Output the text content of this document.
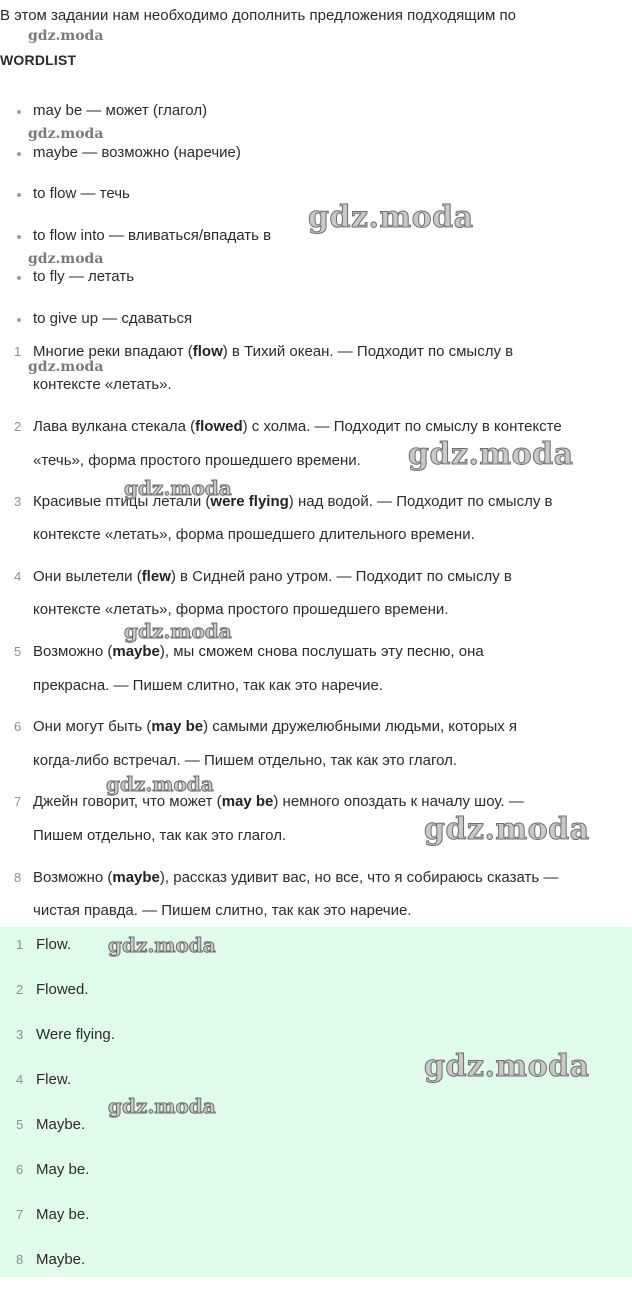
В этом задании нам необходимо дополнить предложения подходящим по
WORDLIST
may be — может (глагол)
maybe — возможно (наречие)
to flow — течь
to flow into — вливаться/впадать в
to fly — летать
to give up — сдаваться
1 Многие реки впадают (flow) в Тихий океан. — Подходит по смыслу в
контексте «летать».
2 Лава вулкана стекала (flowed) с холма. — Подходит по смыслу в контексте
«течь», форма простого прошедшего времени.
3 Красивые птицы летали (were flying) над водой. — Подходит по смыслу в
контексте «летать», форма прошедшего длительного времени.
4 Они вылетели (flew) в Сидней рано утром. — Подходит по смыслу в
контексте «летать», форма простого прошедшего времени.
5 Возможно (maybe), мы сможем снова послушать эту песню, она
прекрасна. — Пишем слитно, так как это наречие.
6 Они могут быть (may be) самыми дружелюбными людьми, которых я
когда-либо встречал. — Пишем отдельно, так как это глагол.
7 Джейн говорит, что может (may be) немного опоздать к началу шоу. —
Пишем отдельно, так как это глагол.
8 Возможно (maybe), рассказ удивит вас, но все, что я собираюсь сказать —
чистая правда. — Пишем слитно, так как это наречие.
1 Flow.
2 Flowed.
3 Were flying.
4 Flew.
5 Maybe.
6 May be.
7 May be.
8 Maybe.
gdz.moda
gdz.moda
gdz.moda
gdz.moda
gdz.moda
gdz.moda
gdz.moda
gdz.moda
gdz.moda
gdz.moda
gdz.moda
gdz.moda
gdz.moda
